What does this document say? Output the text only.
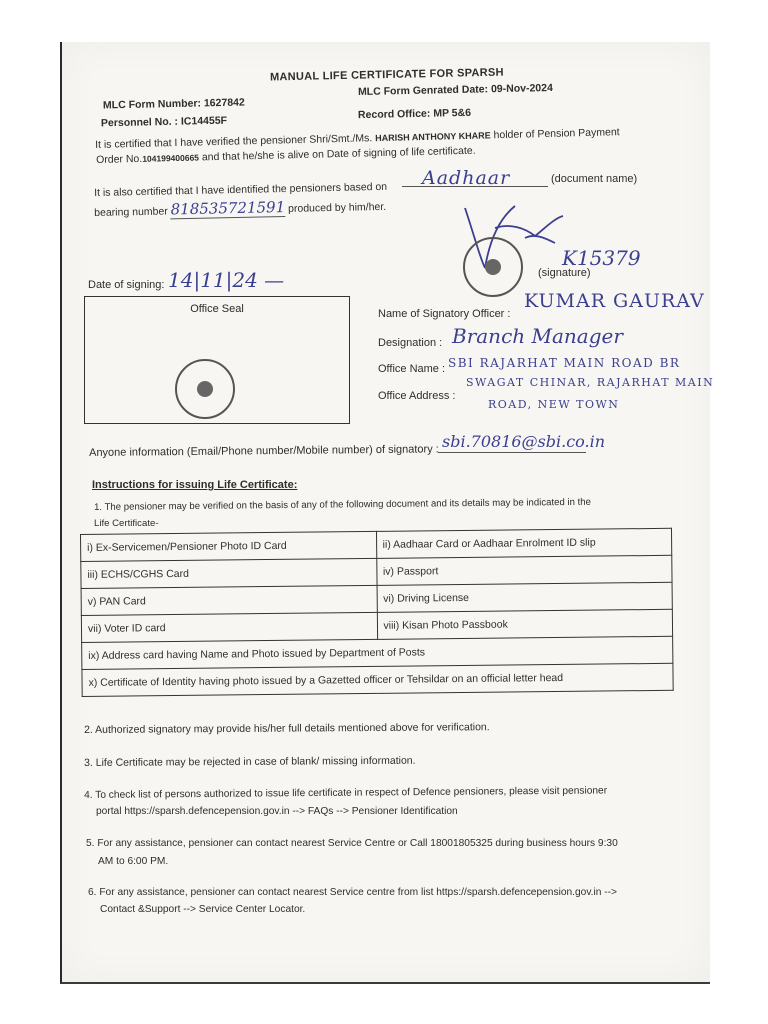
MANUAL LIFE CERTIFICATE FOR SPARSH
MLC Form Number: 1627842
MLC Form Genrated Date: 09-Nov-2024
Personnel No. : IC14455F	Record Office: MP 5&6
It is certified that I have verified the pensioner Shri/Smt./Ms. HARISH ANTHONY KHARE holder of Pension Payment
Order No.104199400665 and that he/she is alive on Date of signing of life certificate.
It is also certified that I have identified the pensioners based on
Aadhaar	(document name)
bearing number 818535721591 produced by him/her.
(signature)
K15379
Date of signing: 14|11|24 —
Office Seal	Name of Signatory Officer :
KUMAR GAURAV
Designation : Branch Manager
Office Name : SBI RAJARHAT MAIN ROAD BR
Office Address :
SWAGAT CHINAR, RAJARHAT MAIN
ROAD, NEW TOWN
Anyone information (Email/Phone number/Mobile number) of signatory :
sbi.70816@sbi.co.in
Instructions for issuing Life Certificate:
1. The pensioner may be verified on the basis of any of the following document and its details may be indicated in the
Life Certificate-
i) Ex-Servicemen/Pensioner Photo ID Card	ii) Aadhaar Card or Aadhaar Enrolment ID slip
iii) ECHS/CGHS Card	iv) Passport
v) PAN Card	vi) Driving License
vii) Voter ID card	viii) Kisan Photo Passbook
ix) Address card having Name and Photo issued by Department of Posts	
x) Certificate of Identity having photo issued by a Gazetted officer or Tehsildar on an official letter head	
2. Authorized signatory may provide his/her full details mentioned above for verification.
3. Life Certificate may be rejected in case of blank/ missing information.
4. To check list of persons authorized to issue life certificate in respect of Defence pensioners, please visit pensioner
portal https://sparsh.defencepension.gov.in --> FAQs --> Pensioner Identification
5. For any assistance, pensioner can contact nearest Service Centre or Call 18001805325 during business hours 9:30
AM to 6:00 PM.
6. For any assistance, pensioner can contact nearest Service centre from list https://sparsh.defencepension.gov.in -->
Contact &Support --> Service Center Locator.
